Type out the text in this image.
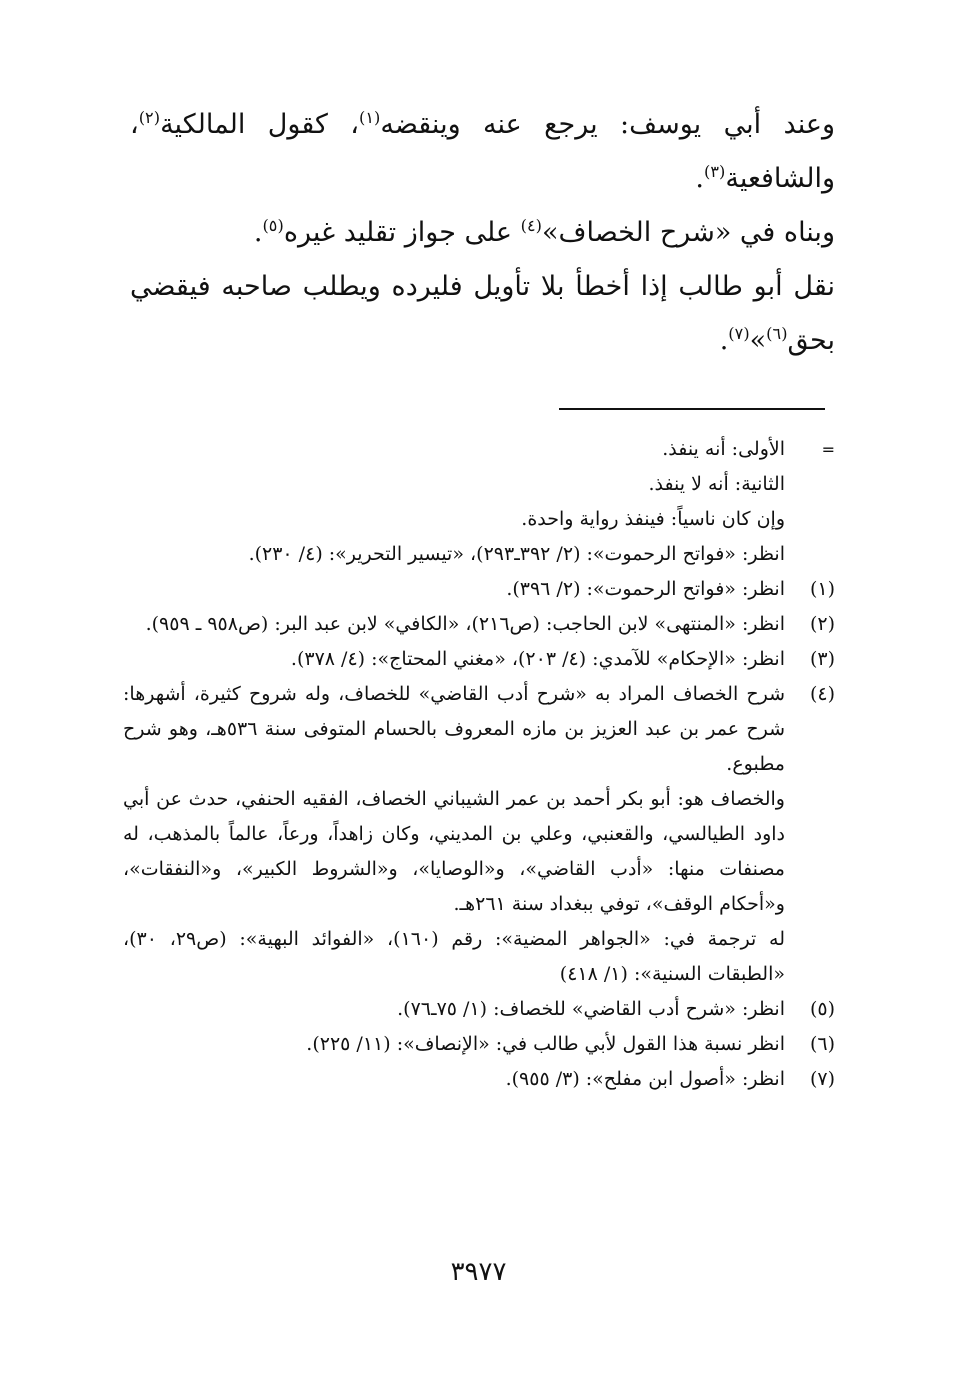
وعند أبي يوسف: يرجع عنه وينقضه$^{(١)}$، كقول المالكية$^{(٢)}$، والشافعية$^{(٣)}$.
وبناه في «شرح الخصاف»$^{(٤)}$ على جواز تقليد غيره$^{(٥)}$.
نقل أبو طالب إذا أخطأ بلا تأويل فليرده ويطلب صاحبه فيقضي بحق$^{(٦)}$»$^{(٧)}$.
=
الأولى: أنه ينفذ.
الثانية: أنه لا ينفذ.
وإن كان ناسياً: فينفذ رواية واحدة.
انظر: «فواتح الرحموت»: (٢/ ٣٩٢ـ٢٩٣)، «تيسير التحرير»: (٤/ ٢٣٠).
(١)
انظر: «فواتح الرحموت»: (٢/ ٣٩٦).
(٢)
انظر: «المنتهى» لابن الحاجب: (ص٢١٦)، «الكافي» لابن عبد البر: (ص٩٥٨ ـ ٩٥٩).
(٣)
انظر: «الإحكام» للآمدي: (٤/ ٢٠٣)، «مغني المحتاج»: (٤/ ٣٧٨).
(٤)
شرح الخصاف المراد به «شرح أدب القاضي» للخصاف، وله شروح كثيرة، أشهرها: شرح عمر بن عبد العزيز بن مازه المعروف بالحسام المتوفى سنة ٥٣٦هـ، وهو شرح مطبوع.
والخصاف هو: أبو بكر أحمد بن عمر الشيباني الخصاف، الفقيه الحنفي، حدث عن أبي داود الطيالسي، والقعنبي، وعلي بن المديني، وكان زاهداً، ورعاً، عالماً بالمذهب، له مصنفات منها: «أدب القاضي»، و«الوصايا»، و«الشروط الكبير»، و«النفقات»، و«أحكام الوقف»، توفي ببغداد سنة ٢٦١هـ.
له ترجمة في: «الجواهر المضية»: رقم (١٦٠)، «الفوائد البهية»: (ص٢٩، ٣٠)، «الطبقات السنية»: (١/ ٤١٨)
(٥)
انظر: «شرح أدب القاضي» للخصاف: (١/ ٧٥ـ٧٦).
(٦)
انظر نسبة هذا القول لأبي طالب في: «الإنصاف»: (١١/ ٢٢٥).
(٧)
انظر: «أصول ابن مفلح»: (٣/ ٩٥٥).
٣٩٧٧
